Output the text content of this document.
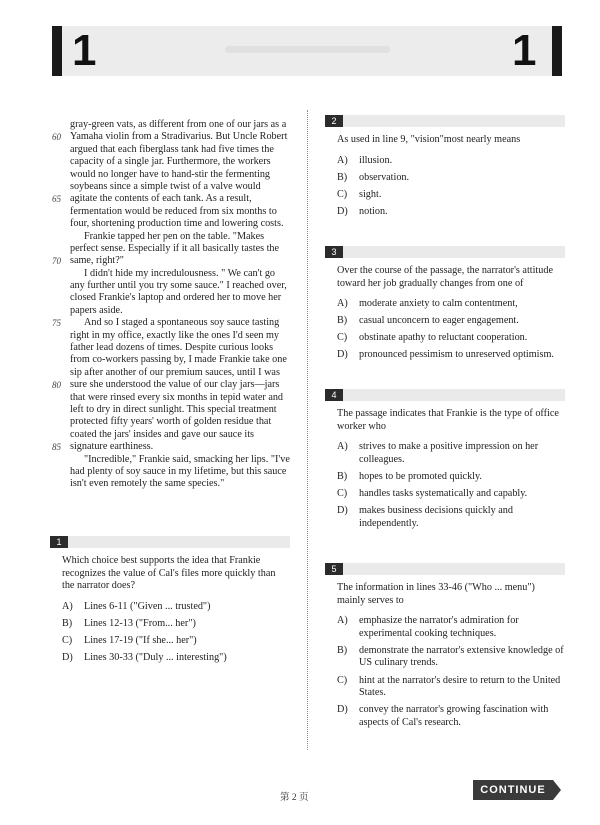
1	1
gray-green vats, as different from one of our jars as a
60 Yamaha violin from a Stradivarius. But Uncle Robert
argued that each fiberglass tank had five times the
capacity of a single jar. Furthermore, the workers
would no longer have to hand-stir the fermenting
soybeans since a simple twist of a valve would
65 agitate the contents of each tank. As a result,
fermentation would be reduced from six months to
four, shortening production time and lowering costs.
Frankie tapped her pen on the table. "Makes
perfect sense. Especially if it all basically tastes the
70 same, right?"
I didn't hide my incredulousness. " We can't go
any further until you try some sauce." I reached over,
closed Frankie's laptop and ordered her to move her
papers aside.
75 And so I staged a spontaneous soy sauce tasting
right in my office, exactly like the ones I'd seen my
father lead dozens of times. Despite curious looks
from co-workers passing by, I made Frankie take one
sip after another of our premium sauces, until I was
80 sure she understood the value of our clay jars—jars
that were rinsed every six months in tepid water and
left to dry in direct sunlight. This special treatment
protected fifty years' worth of golden residue that
coated the jars' insides and gave our sauce its
85 signature earthiness.
"Incredible," Frankie said, smacking her lips. "I've
had plenty of soy sauce in my lifetime, but this sauce
isn't even remotely the same species."
1
Which choice best supports the idea that Frankie recognizes the value of Cal's files more quickly than the narrator does?
A)	Lines 6-11 ("Given ... trusted")
B)	Lines 12-13 ("From... her")
C)	Lines 17-19 ("If she... her")
D)	Lines 30-33 ("Duly ... interesting")
2
As used in line 9, "vision"most nearly means
A)	illusion.
B)	observation.
C)	sight.
D)	notion.
3
Over the course of the passage, the narrator's attitude toward her job gradually changes from one of
A)	moderate anxiety to calm contentment,
B)	casual unconcern to eager engagement.
C)	obstinate apathy to reluctant cooperation.
D)	pronounced pessimism to unreserved optimism.
4
The passage indicates that Frankie is the type of office worker who
A)	strives to make a positive impression on her colleagues.
B)	hopes to be promoted quickly.
C)	handles tasks systematically and capably.
D)	makes business decisions quickly and independently.
5
The information in lines 33-46 ("Who ... menu") mainly serves to
A)	emphasize the narrator's admiration for experimental cooking techniques.
B)	demonstrate the narrator's extensive knowledge of US culinary trends.
C)	hint at the narrator's desire to return to the United States.
D)	convey the narrator's growing fascination with aspects of Cal's research.
第 2 页
CONTINUE
